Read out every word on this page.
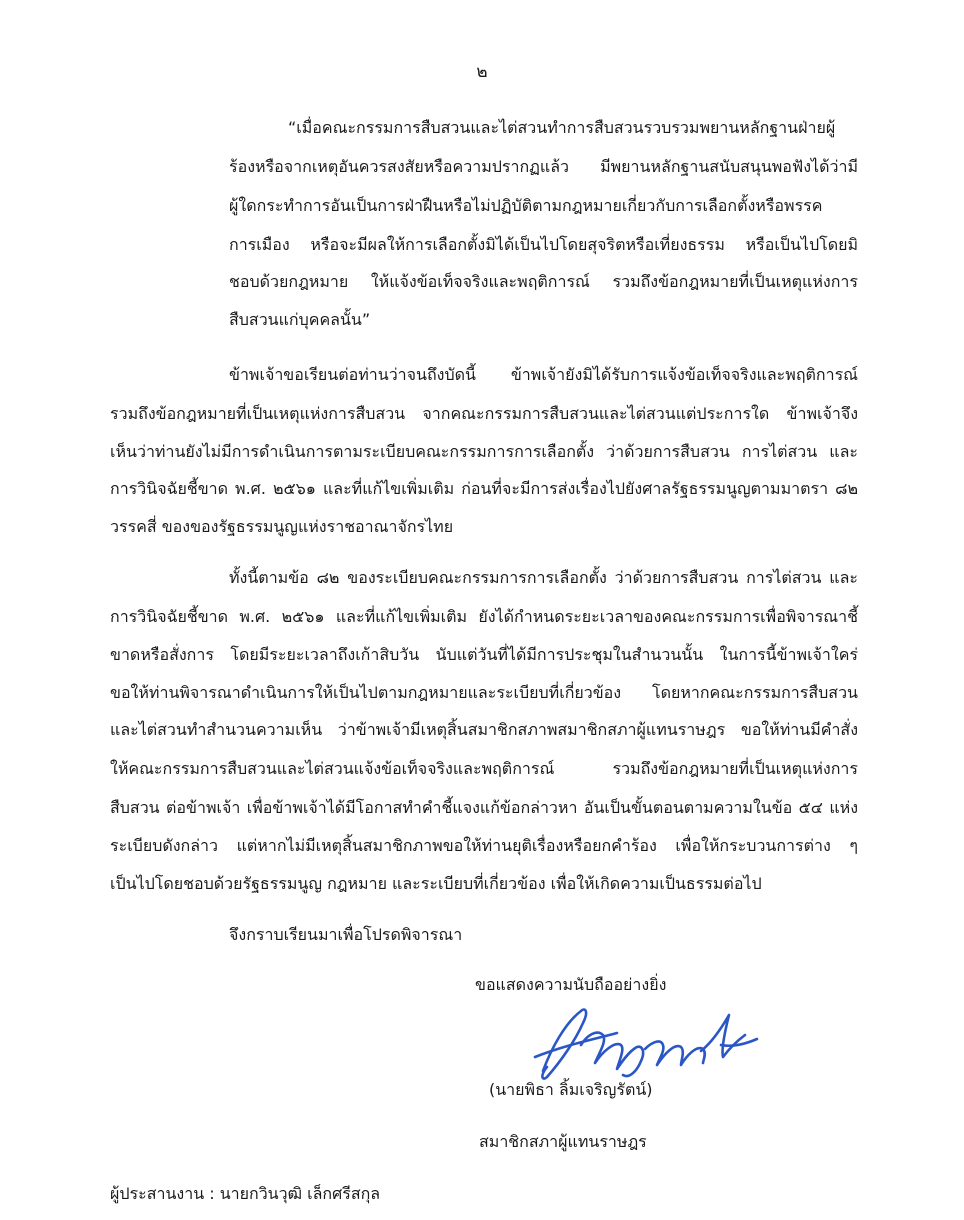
๒
“เมื่อคณะกรรมการสืบสวนและไต่สวนทำการสืบสวนรวบรวมพยานหลักฐานฝ่ายผู้
ร้องหรือจากเหตุอันควรสงสัยหรือความปรากฏแล้ว มีพยานหลักฐานสนับสนุนพอฟังได้ว่ามี
ผู้ใดกระทำการอันเป็นการฝ่าฝืนหรือไม่ปฏิบัติตามกฎหมายเกี่ยวกับการเลือกตั้งหรือพรรค
การเมือง หรือจะมีผลให้การเลือกตั้งมิได้เป็นไปโดยสุจริตหรือเที่ยงธรรม หรือเป็นไปโดยมิ
ชอบด้วยกฎหมาย ให้แจ้งข้อเท็จจริงและพฤติการณ์ รวมถึงข้อกฎหมายที่เป็นเหตุแห่งการ
สืบสวนแก่บุคคลนั้น”
ข้าพเจ้าขอเรียนต่อท่านว่าจนถึงบัดนี้ ข้าพเจ้ายังมิได้รับการแจ้งข้อเท็จจริงและพฤติการณ์
รวมถึงข้อกฎหมายที่เป็นเหตุแห่งการสืบสวน จากคณะกรรมการสืบสวนและไต่สวนแต่ประการใด ข้าพเจ้าจึง
เห็นว่าท่านยังไม่มีการดำเนินการตามระเบียบคณะกรรมการการเลือกตั้ง ว่าด้วยการสืบสวน การไต่สวน และ
การวินิจฉัยชี้ขาด พ.ศ. ๒๕๖๑ และที่แก้ไขเพิ่มเติม ก่อนที่จะมีการส่งเรื่องไปยังศาลรัฐธรรมนูญตามมาตรา ๘๒
วรรคสี่ ของของรัฐธรรมนูญแห่งราชอาณาจักรไทย
ทั้งนี้ตามข้อ ๘๒ ของระเบียบคณะกรรมการการเลือกตั้ง ว่าด้วยการสืบสวน การไต่สวน และ
การวินิจฉัยชี้ขาด พ.ศ. ๒๕๖๑ และที่แก้ไขเพิ่มเติม ยังได้กำหนดระยะเวลาของคณะกรรมการเพื่อพิจารณาชี้
ขาดหรือสั่งการ โดยมีระยะเวลาถึงเก้าสิบวัน นับแต่วันที่ได้มีการประชุมในสำนวนนั้น ในการนี้ข้าพเจ้าใคร่
ขอให้ท่านพิจารณาดำเนินการให้เป็นไปตามกฎหมายและระเบียบที่เกี่ยวข้อง โดยหากคณะกรรมการสืบสวน
และไต่สวนทำสำนวนความเห็น ว่าข้าพเจ้ามีเหตุสิ้นสมาชิกสภาพสมาชิกสภาผู้แทนราษฎร ขอให้ท่านมีคำสั่ง
ให้คณะกรรมการสืบสวนและไต่สวนแจ้งข้อเท็จจริงและพฤติการณ์ รวมถึงข้อกฎหมายที่เป็นเหตุแห่งการ
สืบสวน ต่อข้าพเจ้า เพื่อข้าพเจ้าได้มีโอกาสทำคำชี้แจงแก้ข้อกล่าวหา อันเป็นขั้นตอนตามความในข้อ ๕๔ แห่ง
ระเบียบดังกล่าว แต่หากไม่มีเหตุสิ้นสมาชิกภาพขอให้ท่านยุติเรื่องหรือยกคำร้อง เพื่อให้กระบวนการต่าง ๆ
เป็นไปโดยชอบด้วยรัฐธรรมนูญ กฎหมาย และระเบียบที่เกี่ยวข้อง เพื่อให้เกิดความเป็นธรรมต่อไป
จึงกราบเรียนมาเพื่อโปรดพิจารณา
ขอแสดงความนับถืออย่างยิ่ง
(นายพิธา ลิ้มเจริญรัตน์)
สมาชิกสภาผู้แทนราษฎร
ผู้ประสานงาน : นายกวินวุฒิ เล็กศรีสกุล
